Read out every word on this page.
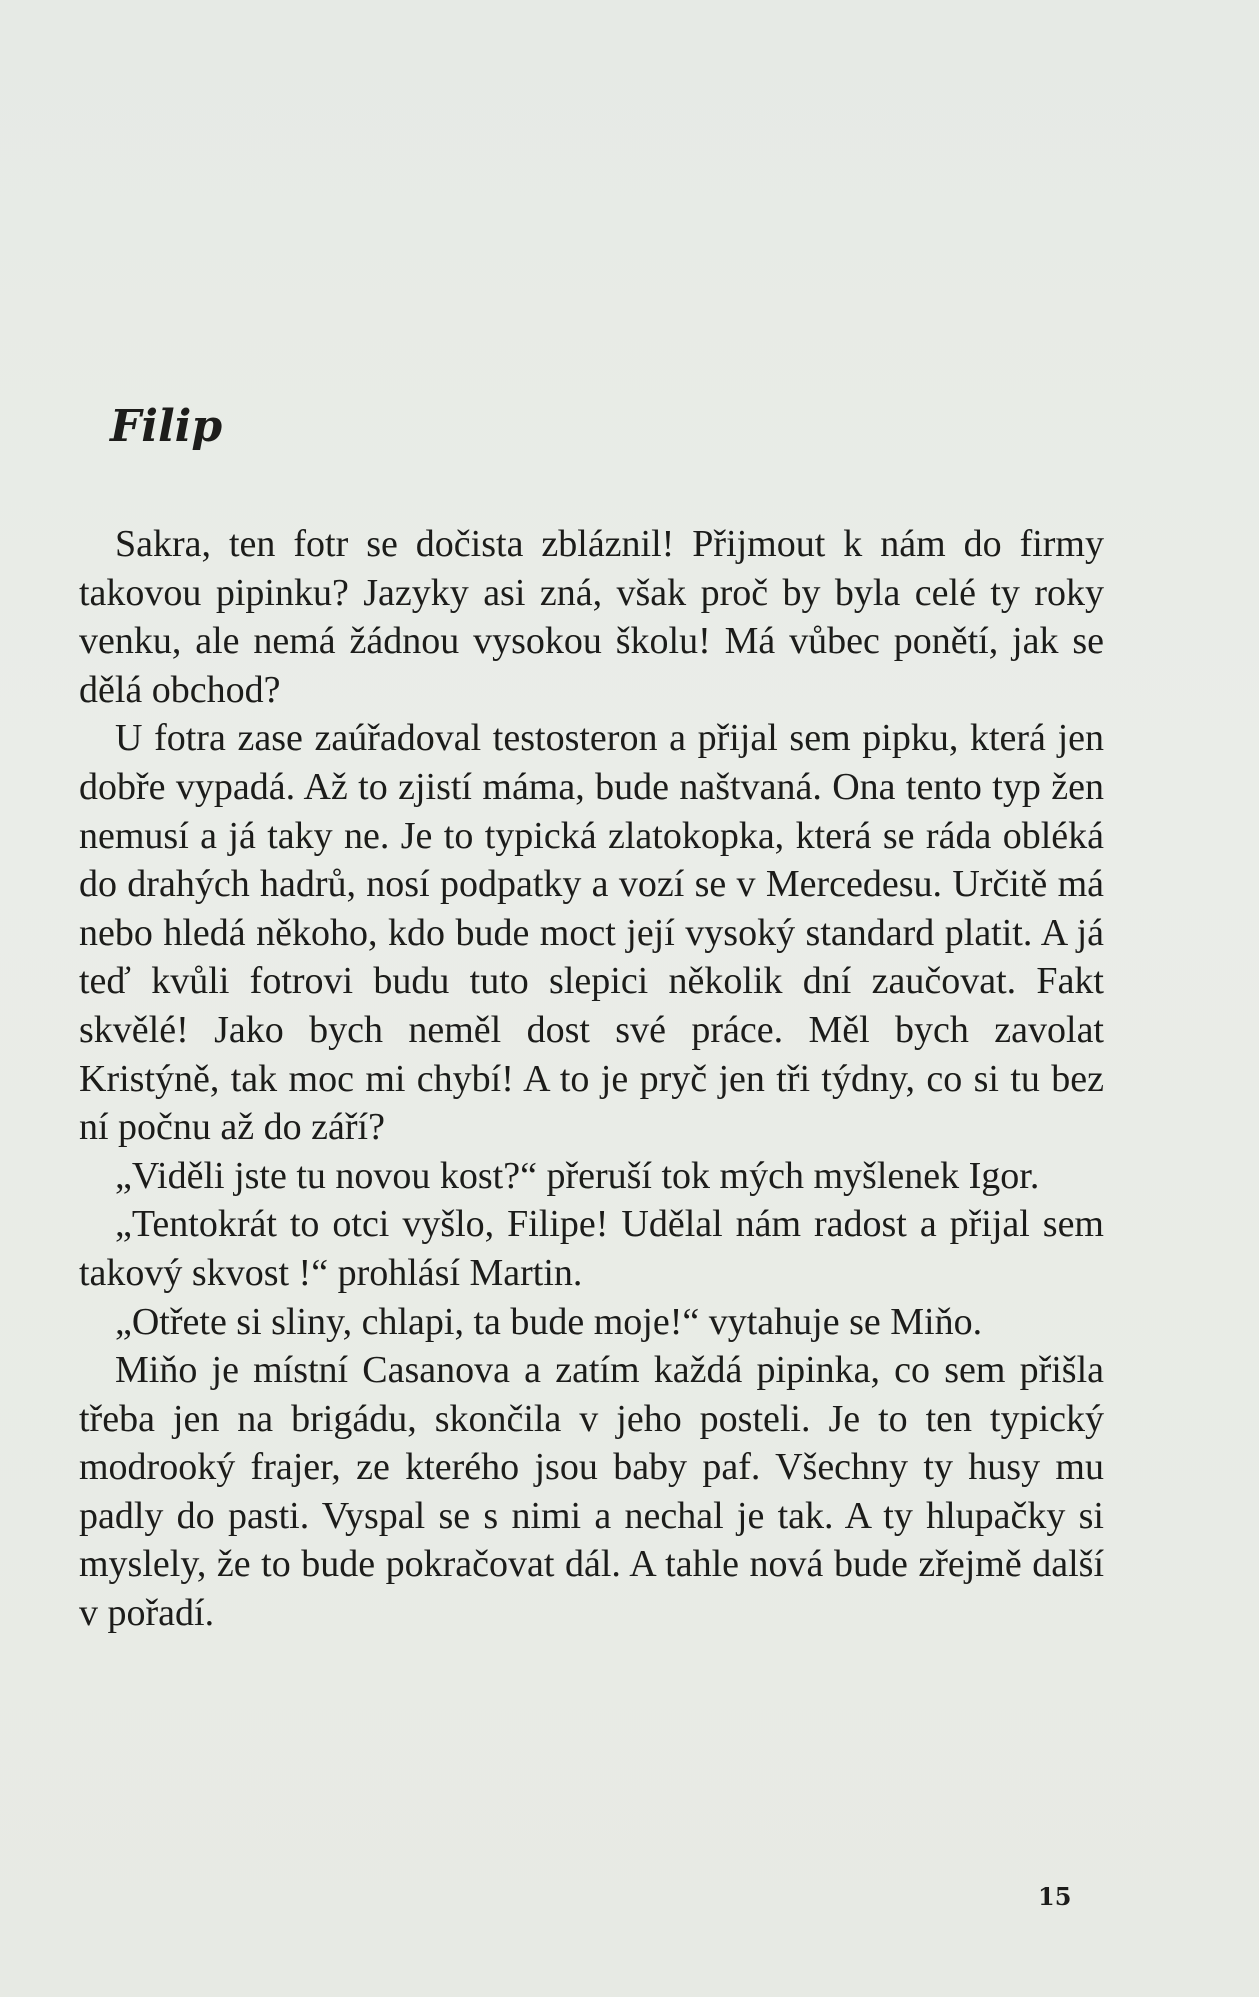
Filip

Sakra, ten fotr se dočista zbláznil! Přijmout k nám do firmy takovou pipinku? Jazyky asi zná, však proč by byla celé ty roky venku, ale nemá žádnou vysokou školu! Má vůbec ponětí, jak se dělá obchod?

U fotra zase zaúřadoval testosteron a přijal sem pipku, která jen dobře vypadá. Až to zjistí máma, bude naštvaná. Ona tento typ žen nemusí a já taky ne. Je to typická zlatokopka, která se ráda obléká do drahých hadrů, nosí podpatky a vozí se v Mercedesu. Určitě má nebo hledá někoho, kdo bude moct její vysoký standard platit. A já teď kvůli fotrovi budu tuto slepici několik dní zaučovat. Fakt skvělé! Jako bych neměl dost své práce. Měl bych zavolat Kristýně, tak moc mi chybí! A to je pryč jen tři týdny, co si tu bez ní počnu až do září?

„Viděli jste tu novou kost?“ přeruší tok mých myšlenek Igor.

„Tentokrát to otci vyšlo, Filipe! Udělal nám radost a přijal sem takový skvost !“ prohlásí Martin.

„Otřete si sliny, chlapi, ta bude moje!“ vytahuje se Miňo.

Miňo je místní Casanova a zatím každá pipinka, co sem přišla třeba jen na brigádu, skončila v jeho posteli. Je to ten typický modrooký frajer, ze kterého jsou baby paf. Všechny ty husy mu padly do pasti. Vyspal se s nimi a nechal je tak. A ty hlupačky si myslely, že to bude pokračovat dál. A tahle nová bude zřejmě další v pořadí.

15
